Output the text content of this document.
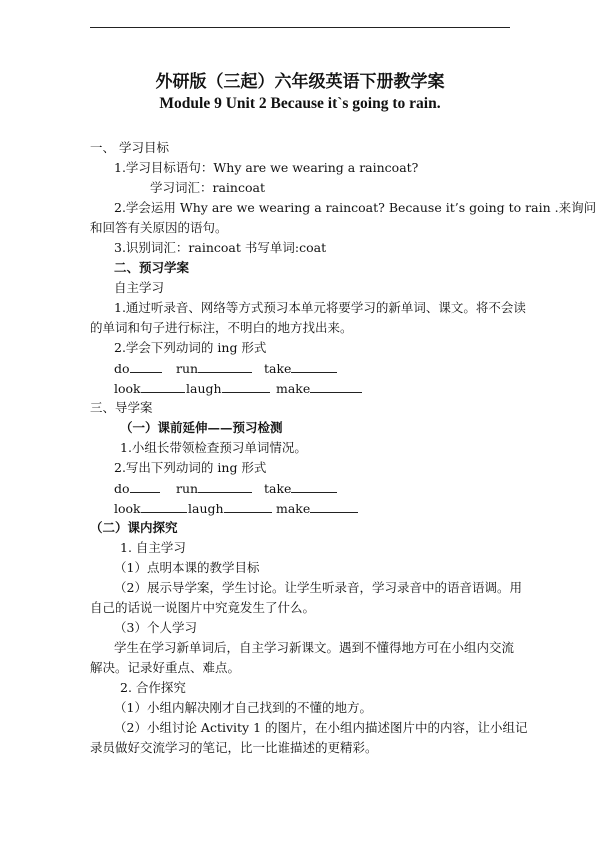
外研版（三起）六年级英语下册教学案
Module 9 Unit 2 Because it`s going to rain.
一、 学习目标
1.学习目标语句：Why are we wearing a raincoat?
学习词汇：raincoat
2.学会运用 Why are we wearing a raincoat? Because it’s going to rain .来询问
和回答有关原因的语句。
3.识别词汇：raincoat 书写单词:coat
二、预习学案
自主学习
1.通过听录音、网络等方式预习本单元将要学习的新单词、课文。将不会读
的单词和句子进行标注，不明白的地方找出来。
2.学会下列动词的 ing 形式
do	run	take
look	laugh	make
三、导学案
（一）课前延伸——预习检测
1.小组长带领检查预习单词情况。
2.写出下列动词的 ing 形式
do	run	take
look	laugh	make
（二）课内探究
1. 自主学习
（1）点明本课的教学目标
（2）展示导学案，学生讨论。让学生听录音，学习录音中的语音语调。用
自己的话说一说图片中究竟发生了什么。
（3）个人学习
学生在学习新单词后，自主学习新课文。遇到不懂得地方可在小组内交流
解决。记录好重点、难点。
2. 合作探究
（1）小组内解决刚才自己找到的不懂的地方。
（2）小组讨论 Activity 1 的图片，在小组内描述图片中的内容，让小组记
录员做好交流学习的笔记，比一比谁描述的更精彩。
